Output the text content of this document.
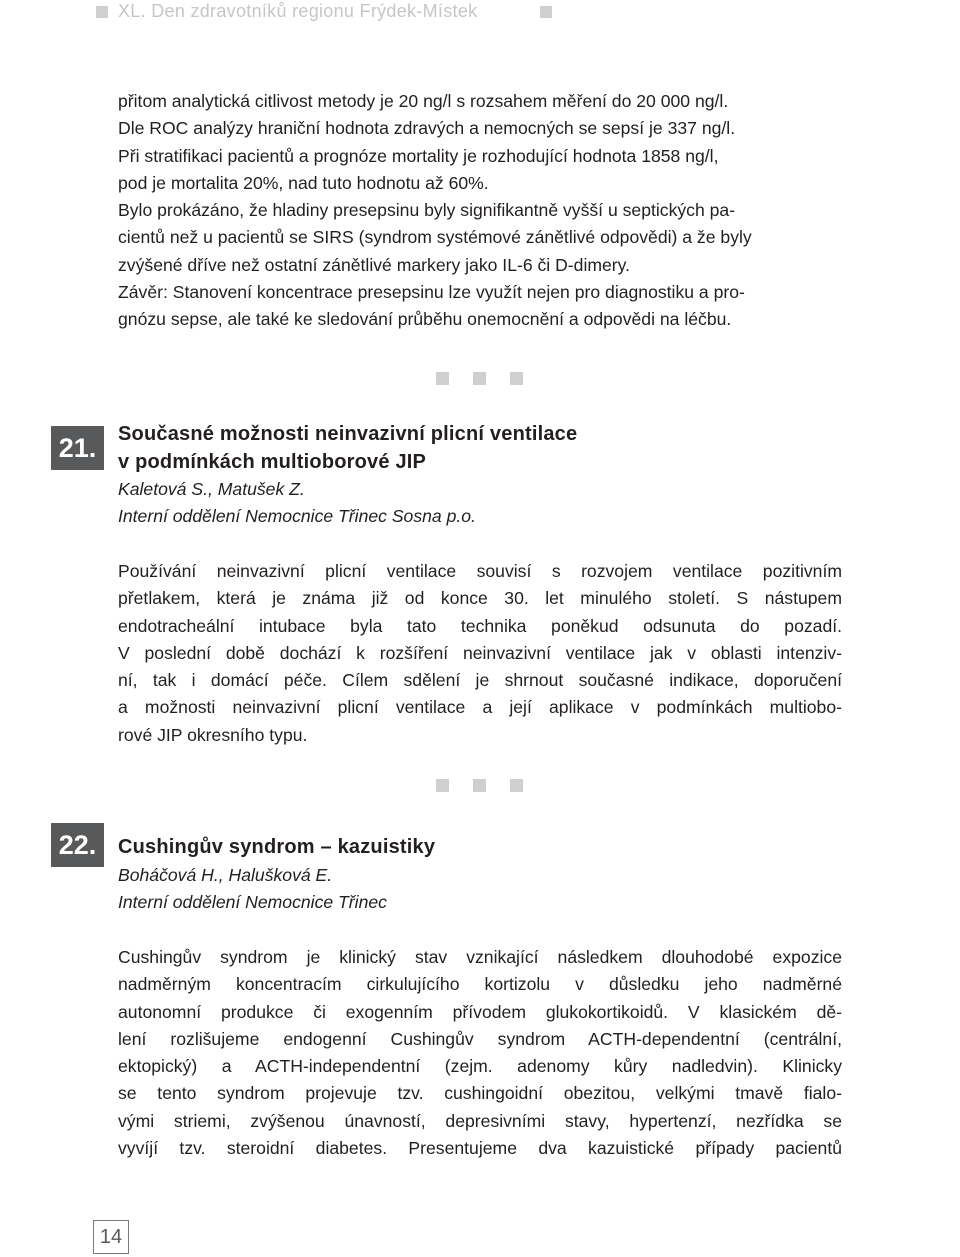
XL. Den zdravotníků regionu Frýdek-Místek

přitom analytická citlivost metody je 20 ng/l s rozsahem měření do 20 000 ng/l.
Dle ROC analýzy hraniční hodnota zdravých a nemocných se sepsí je 337 ng/l.
Při stratifikaci pacientů a prognóze mortality je rozhodující hodnota 1858 ng/l,
pod je mortalita 20%, nad tuto hodnotu až 60%.
Bylo prokázáno, že hladiny presepsinu byly signifikantně vyšší u septických pa-
cientů než u pacientů se SIRS (syndrom systémové zánětlivé odpovědi) a že byly
zvýšené dříve než ostatní zánětlivé markery jako IL-6 či D-dimery.
Závěr: Stanovení koncentrace presepsinu lze využít nejen pro diagnostiku a pro-
gnózu sepse, ale také ke sledování průběhu onemocnění a odpovědi na léčbu.

21.	Současné možnosti neinvazivní plicní ventilace
v podmínkách multioborové JIP
Kaletová S., Matušek Z.
Interní oddělení Nemocnice Třinec Sosna p.o.

Používání neinvazivní plicní ventilace souvisí s rozvojem ventilace pozitivním
přetlakem, která je známa již od konce 30. let minulého století. S nástupem
endotracheální intubace byla tato technika poněkud odsunuta do pozadí.
V poslední době dochází k rozšíření neinvazivní ventilace jak v oblasti intenziv-
ní, tak i domácí péče. Cílem sdělení je shrnout současné indikace, doporučení
a možnosti neinvazivní plicní ventilace a její aplikace v podmínkách multiobo-
rové JIP okresního typu.

22.	Cushingův syndrom – kazuistiky
Boháčová H., Halušková E.
Interní oddělení Nemocnice Třinec

Cushingův syndrom je klinický stav vznikající následkem dlouhodobé expozice
nadměrným koncentracím cirkulujícího kortizolu v důsledku jeho nadměrné
autonomní produkce či exogenním přívodem glukokortikoidů. V klasickém dě-
lení rozlišujeme endogenní Cushingův syndrom ACTH-dependentní (centrální,
ektopický) a ACTH-independentní (zejm. adenomy kůry nadledvin). Klinicky
se tento syndrom projevuje tzv. cushingoidní obezitou, velkými tmavě fialo-
vými striemi, zvýšenou únavností, depresivními stavy, hypertenzí, nezřídka se
vyvíjí tzv. steroidní diabetes. Presentujeme dva kazuistické případy pacientů

14
